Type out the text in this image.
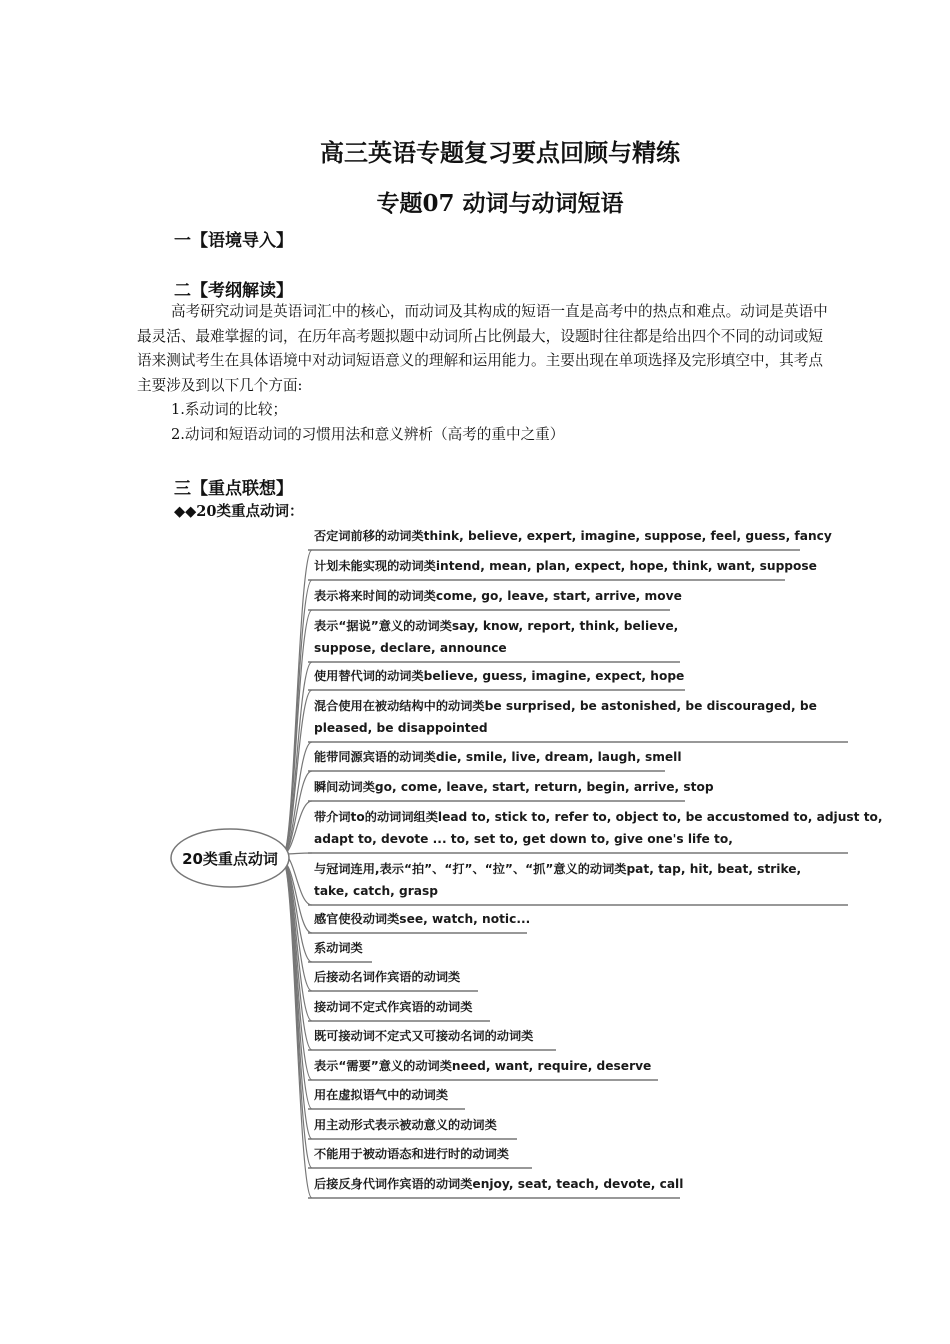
高三英语专题复习要点回顾与精练
专题07 动词与动词短语
一【语境导入】
二【考纲解读】

高考研究动词是英语词汇中的核心，而动词及其构成的短语一直是高考中的热点和难点。动词是英语中最灵活、最难掌握的词，在历年高考题拟题中动词所占比例最大，设题时往往都是给出四个不同的动词或短语来测试考生在具体语境中对动词短语意义的理解和运用能力。主要出现在单项选择及完形填空中，其考点主要涉及到以下几个方面:

1.系动词的比较；

2.动词和短语动词的习惯用法和意义辨析（高考的重中之重）

三【重点联想】
◆◆20类重点动词：
否定词前移的动词类think, believe, expert, imagine, suppose, feel, guess, fancy
计划未能实现的动词类intend, mean, plan, expect, hope, think, want, suppose
表示将来时间的动词类come, go, leave, start, arrive, move
表示“据说”意义的动词类say, know, report, think, believe,
suppose, declare, announce
使用替代词的动词类believe, guess, imagine, expect, hope
混合使用在被动结构中的动词类be surprised, be astonished, be discouraged, be
pleased, be disappointed
能带同源宾语的动词类die, smile, live, dream, laugh, smell
瞬间动词类go, come, leave, start, return, begin, arrive, stop
带介词to的动词词组类lead to, stick to, refer to, object to, be accustomed to, adjust to,
adapt to, devote ... to, set to, get down to, give one's life to,
与冠词连用,表示“拍”、“打”、“拉”、“抓”意义的动词类pat, tap, hit, beat, strike,
take, catch, grasp
感官使役动词类see, watch, notic...
系动词类
后接动名词作宾语的动词类
接动词不定式作宾语的动词类
既可接动词不定式又可接动名词的动词类
表示“需要”意义的动词类need, want, require, deserve
用在虚拟语气中的动词类
用主动形式表示被动意义的动词类
不能用于被动语态和进行时的动词类
后接反身代词作宾语的动词类enjoy, seat, teach, devote, call
20类重点动词
